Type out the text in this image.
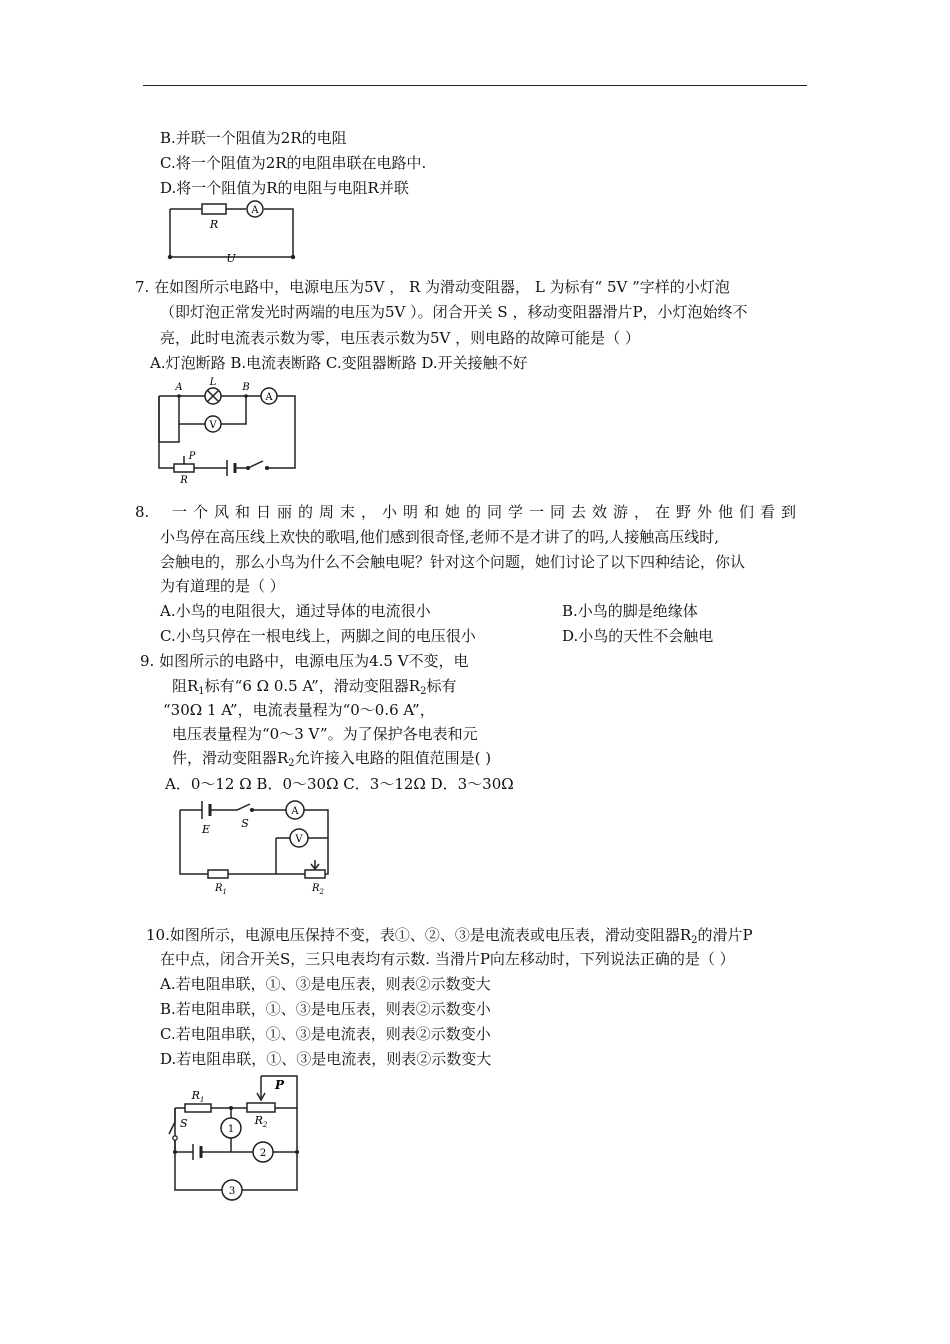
B.并联一个阻值为2R的电阻
C.将一个阻值为2R的电阻串联在电路中.
D.将一个阻值为R的电阻与电阻R并联
R
A
U
7. 在如图所示电路中，电源电压为5V ， R 为滑动变阻器， L 为标有“ 5V ”字样的小灯泡
（即灯泡正常发光时两端的电压为5V ）。闭合开关 S ，移动变阻器滑片P，小灯泡始终不
亮，此时电流表示数为零，电压表示数为5V ，则电路的故障可能是（ ）
A.灯泡断路 B.电流表断路 C.变阻器断路 D.开关接触不好
A	L	B
A
V
P
R
8. 一个风和日丽的周末，小明和她的同学一同去效游，在野外他们看到
小鸟停在高压线上欢快的歌唱,他们感到很奇怪,老师不是才讲了的吗,人接触高压线时,
会触电的，那么小鸟为什么不会触电呢？针对这个问题，她们讨论了以下四种结论，你认
为有道理的是（ ）
A.小鸟的电阻很大，通过导体的电流很小	B.小鸟的脚是绝缘体
C.小鸟只停在一根电线上，两脚之间的电压很小	D.小鸟的天性不会触电
9. 如图所示的电路中，电源电压为4.5 V不变，电
阻$R_1$标有“6 Ω 0.5 A”，滑动变阻器$R_2$标有
“30Ω 1 A”，电流表量程为“0～0.6 A”，
电压表量程为“0～3 V”。为了保护各电表和元
件，滑动变阻器$R_2$允许接入电路的阻值范围是( )
A．0～12 Ω B．0～30Ω C．3～12Ω D．3～30Ω
E	S
A
V
$R_1$	$R_2$
10.如图所示，电源电压保持不变，表①、②、③是电流表或电压表，滑动变阻器$R_2$的滑片P
在中点，闭合开关S，三只电表均有示数. 当滑片P向左移动时，下列说法正确的是（ ）
A.若电阻串联，①、③是电压表，则表②示数变大
B.若电阻串联，①、③是电压表，则表②示数变小
C.若电阻串联，①、③是电流表，则表②示数变小
D.若电阻串联，①、③是电流表，则表②示数变大
$R_1$
P
$R_2$
S	1
2
3
